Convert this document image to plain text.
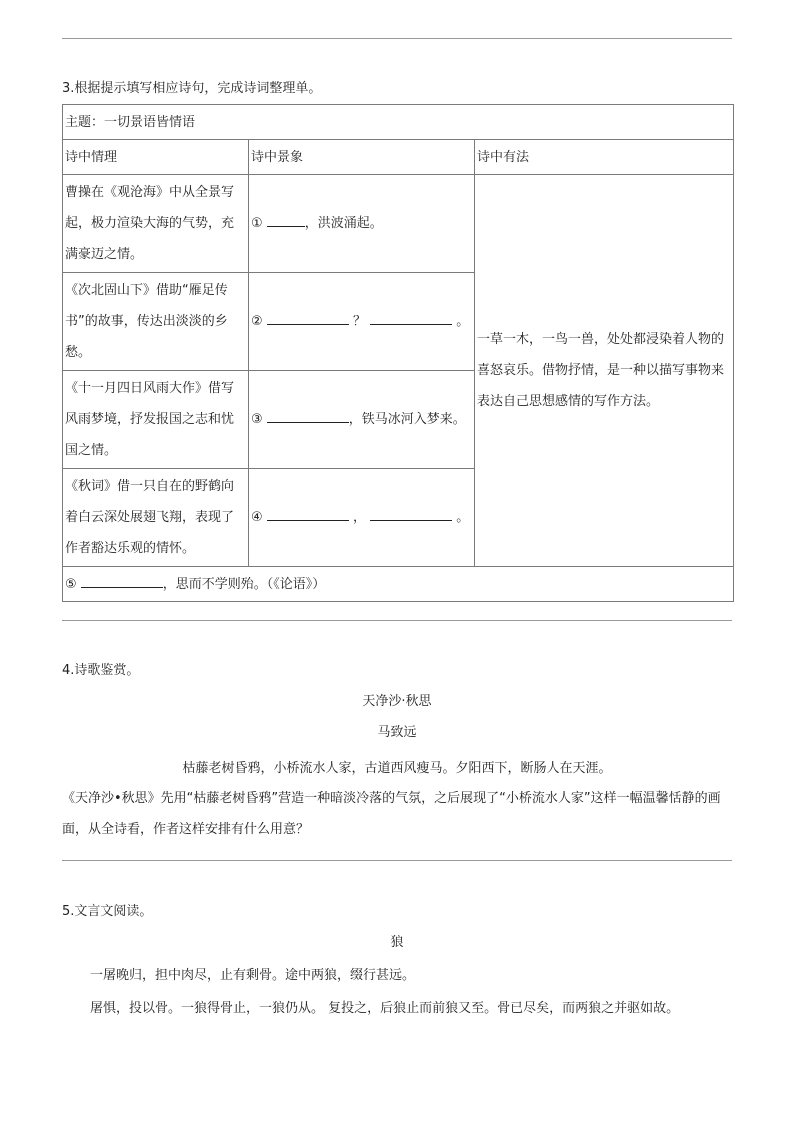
3.根据提示填写相应诗句，完成诗词整理单。
主题：一切景语皆情语		
诗中情理	诗中景象	诗中有法
曹操在《观沧海》中从全景写起，极力渲染大海的气势，充满豪迈之情。	① ，洪波涌起。	一草一木，一鸟一兽，处处都浸染着人物的喜怒哀乐。借物抒情，是一种以描写事物来表达自己思想感情的写作方法。
《次北固山下》借助“雁足传书”的故事，传达出淡淡的乡愁。	② ？ 。	
《十一月四日风雨大作》借写风雨梦境，抒发报国之志和忧国之情。	③ ，铁马冰河入梦来。	
《秋词》借一只自在的野鹤向着白云深处展翅飞翔，表现了作者豁达乐观的情怀。	④ ， 。	
⑤ ，思而不学则殆。（《论语》）		
4.诗歌鉴赏。
天净沙·秋思
马致远
枯藤老树昏鸦，小桥流水人家，古道西风瘦马。夕阳西下，断肠人在天涯。
《天净沙•秋思》先用“枯藤老树昏鸦”营造一种暗淡冷落的气氛，之后展现了“小桥流水人家”这样一幅温馨恬静的画面，从全诗看，作者这样安排有什么用意？
5.文言文阅读。
狼
一屠晚归，担中肉尽，止有剩骨。途中两狼，缀行甚远。
屠惧，投以骨。一狼得骨止，一狼仍从。 复投之，后狼止而前狼又至。骨已尽矣，而两狼之并驱如故。
